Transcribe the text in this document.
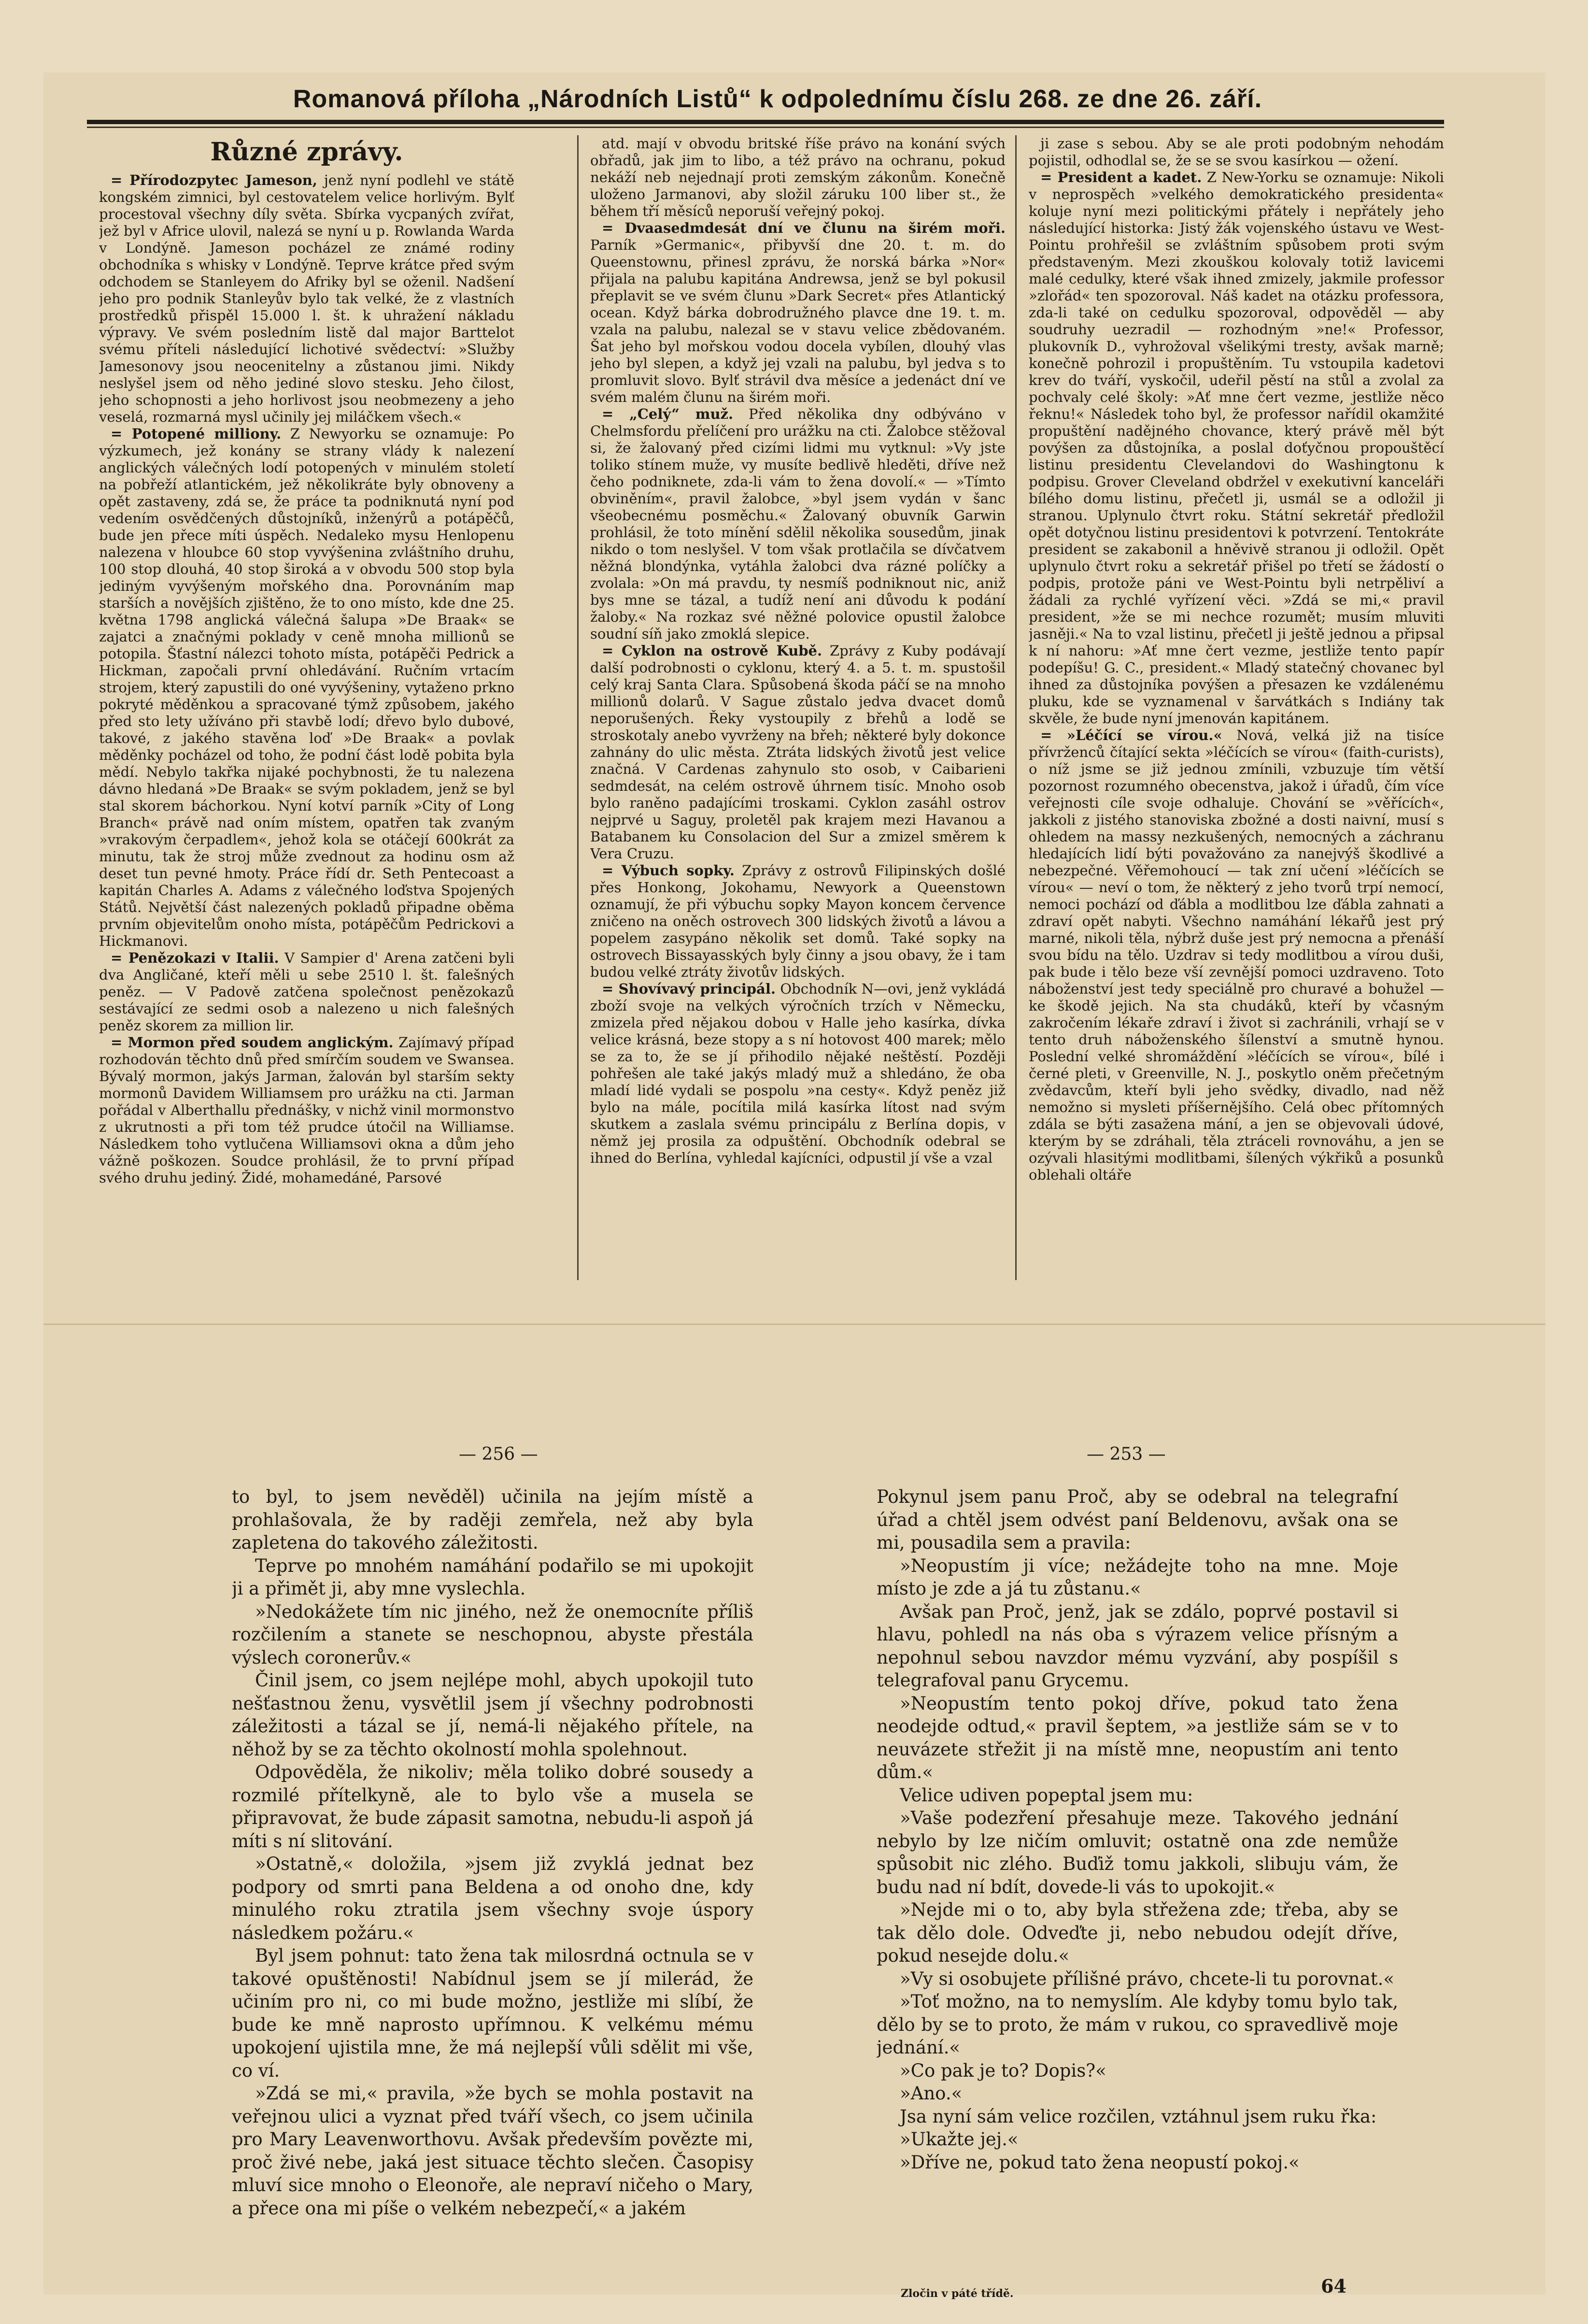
Romanová příloha „Národních Listů“ k odpolednímu číslu 268. ze dne 26. září.
Různé zprávy.

= Přírodozpytec Jameson, jenž nyní podlehl ve státě kongském zimnici, byl cestovatelem velice horlivým. Bylť procestoval všechny díly světa. Sbírka vycpaných zvířat, jež byl v Africe ulovil, nalezá se nyní u p. Rowlanda Warda v Londýně. Jameson pocházel ze známé rodiny obchodníka s whisky v Londýně. Teprve krátce před svým odchodem se Stanleyem do Afriky byl se oženil. Nadšení jeho pro podnik Stanleyův bylo tak velké, že z vlastních prostředků přispěl 15.000 l. št. k uhražení nákladu výpravy. Ve svém posledním listě dal major Barttelot svému příteli následující lichotivé svědectví: »Služby Jamesonovy jsou neocenitelny a zůstanou jimi. Nikdy neslyšel jsem od něho jediné slovo stesku. Jeho čilost, jeho schopnosti a jeho horlivost jsou neobmezeny a jeho veselá, rozmarná mysl učinily jej miláčkem všech.«

= Potopené milliony. Z Newyorku se oznamuje: Po výzkumech, jež konány se strany vlády k nalezení anglických válečných lodí potopených v minulém století na pobřeží atlantickém, jež několikráte byly obnoveny a opět zastaveny, zdá se, že práce ta podniknutá nyní pod vedením osvědčených důstojníků, inženýrů a potápěčů, bude jen přece míti úspěch. Nedaleko mysu Henlopenu nalezena v hloubce 60 stop vyvýšenina zvláštního druhu, 100 stop dlouhá, 40 stop široká a v obvodu 500 stop byla jediným vyvýšeným mořského dna. Porovnáním map starších a novějších zjištěno, že to ono místo, kde dne 25. května 1798 anglická válečná šalupa »De Braak« se zajatci a značnými poklady v ceně mnoha millionů se potopila. Šťastní nálezci tohoto místa, potápěči Pedrick a Hickman, započali první ohledávání. Ručním vrtacím strojem, který zapustili do oné vyvýšeniny, vytaženo prkno pokryté měděnkou a spracované týmž způsobem, jakého před sto lety užíváno při stavbě lodí; dřevo bylo dubové, takové, z jakého stavěna loď »De Braak« a povlak měděnky pocházel od toho, že podní část lodě pobita byla mědí. Nebylo takřka nijaké pochybnosti, že tu nalezena dávno hledaná »De Braak« se svým pokladem, jenž se byl stal skorem báchorkou. Nyní kotví parník »City of Long Branch« právě nad oním místem, opatřen tak zvaným »vrakovým čerpadlem«, jehož kola se otáčejí 600krát za minutu, tak že stroj může zvednout za hodinu osm až deset tun pevné hmoty. Práce řídí dr. Seth Pentecoast a kapitán Charles A. Adams z válečného loďstva Spojených Států. Největší část nalezených pokladů připadne oběma prvním objevitelům onoho místa, potápěčům Pedrickovi a Hickmanovi.

= Penězokazi v Italii. V Sampier d' Arena zatčeni byli dva Angličané, kteří měli u sebe 2510 l. št. falešných peněz. — V Padově zatčena společnost penězokazů sestávající ze sedmi osob a nalezeno u nich falešných peněz skorem za million lir.

= Mormon před soudem anglickým. Zajímavý případ rozhodován těchto dnů před smírčím soudem ve Swansea. Bývalý mormon, jakýs Jarman, žalován byl starším sekty mormonů Davidem Williamsem pro urážku na cti. Jarman pořádal v Alberthallu přednášky, v nichž vinil mormonstvo z ukrutnosti a při tom též prudce útočil na Williamse. Následkem toho vytlučena Williamsovi okna a dům jeho vážně poškozen. Soudce prohlásil, že to první případ svého druhu jediný. Židé, mohamedáné, Parsové

atd. mají v obvodu britské říše právo na konání svých obřadů, jak jim to libo, a též právo na ochranu, pokud nekáží neb nejednají proti zemským zákonům. Konečně uloženo Jarmanovi, aby složil záruku 100 liber st., že během tří měsíců neporuší veřejný pokoj.

= Dvaasedmdesát dní ve člunu na širém moři. Parník »Germanic«, přibyvší dne 20. t. m. do Queenstownu, přinesl zprávu, že norská bárka »Nor« přijala na palubu kapitána Andrewsa, jenž se byl pokusil přeplavit se ve svém člunu »Dark Secret« přes Atlantický ocean. Když bárka dobrodružného plavce dne 19. t. m. vzala na palubu, nalezal se v stavu velice zbědovaném. Šat jeho byl mořskou vodou docela vybílen, dlouhý vlas jeho byl slepen, a když jej vzali na palubu, byl jedva s to promluvit slovo. Bylť strávil dva měsíce a jedenáct dní ve svém malém člunu na širém moři.

= „Celý“ muž. Před několika dny odbýváno v Chelmsfordu přelíčení pro urážku na cti. Žalobce stěžoval si, že žalovaný před cizími lidmi mu vytknul: »Vy jste toliko stínem muže, vy musíte bedlivě hleděti, dříve než čeho podniknete, zda-li vám to žena dovolí.« — »Tímto obviněním«, pravil žalobce, »byl jsem vydán v šanc všeobecnému posměchu.« Žalovaný obuvník Garwin prohlásil, že toto mínění sdělil několika sousedům, jinak nikdo o tom neslyšel. V tom však protlačila se dívčatvem něžná blondýnka, vytáhla žalobci dva rázné políčky a zvolala: »On má pravdu, ty nesmíš podniknout nic, aniž bys mne se tázal, a tudíž není ani důvodu k podání žaloby.« Na rozkaz své něžné polovice opustil žalobce soudní síň jako zmoklá slepice.

= Cyklon na ostrově Kubě. Zprávy z Kuby podávají další podrobnosti o cyklonu, který 4. a 5. t. m. spustošil celý kraj Santa Clara. Spůsobená škoda páčí se na mnoho millionů dolarů. V Sague zůstalo jedva dvacet domů neporušených. Řeky vystoupily z břehů a lodě se stroskotaly anebo vyvrženy na břeh; některé byly dokonce zahnány do ulic města. Ztráta lidských životů jest velice značná. V Cardenas zahynulo sto osob, v Caibarieni sedmdesát, na celém ostrově úhrnem tisíc. Mnoho osob bylo raněno padajícími troskami. Cyklon zasáhl ostrov nejprvé u Saguy, proletěl pak krajem mezi Havanou a Batabanem ku Consolacion del Sur a zmizel směrem k Vera Cruzu.

= Výbuch sopky. Zprávy z ostrovů Filipinských došlé přes Honkong, Jokohamu, Newyork a Queenstown oznamují, že při výbuchu sopky Mayon koncem července zničeno na oněch ostrovech 300 lidských životů a lávou a popelem zasypáno několik set domů. Také sopky na ostrovech Bissayasských byly činny a jsou obavy, že i tam budou velké ztráty životův lidských.

= Shovívavý principál. Obchodník N—ovi, jenž vykládá zboží svoje na velkých výročních trzích v Německu, zmizela před nějakou dobou v Halle jeho kasírka, dívka velice krásná, beze stopy a s ní hotovost 400 marek; mělo se za to, že se jí přihodilo nějaké neštěstí. Později pohřešen ale také jakýs mladý muž a shledáno, že oba mladí lidé vydali se pospolu »na cesty«. Když peněz již bylo na mále, pocítila milá kasírka lítost nad svým skutkem a zaslala svému principálu z Berlína dopis, v němž jej prosila za odpuštění. Obchodník odebral se ihned do Berlína, vyhledal kajícníci, odpustil jí vše a vzal

ji zase s sebou. Aby se ale proti podobným nehodám pojistil, odhodlal se, že se se svou kasírkou — ožení.

= President a kadet. Z New-Yorku se oznamuje: Nikoli v neprospěch »velkého demokratického presidenta« koluje nyní mezi politickými přátely i nepřátely jeho následující historka: Jistý žák vojenského ústavu ve West-Pointu prohřešil se zvláštním spůsobem proti svým představeným. Mezi zkouškou kolovaly totiž lavicemi malé cedulky, které však ihned zmizely, jakmile professor »zlořád« ten spozoroval. Náš kadet na otázku professora, zda-li také on cedulku spozoroval, odpověděl — aby soudruhy uezradil — rozhodným »ne!« Professor, plukovník D., vyhrožoval všelikými tresty, avšak marně; konečně pohrozil i propuštěním. Tu vstoupila kadetovi krev do tváří, vyskočil, udeřil pěstí na stůl a zvolal za pochvaly celé školy: »Ať mne čert vezme, jestliže něco řeknu!« Následek toho byl, že professor nařídil okamžité propuštění nadějného chovance, který právě měl být povýšen za důstojníka, a poslal doťyčnou propouštěcí listinu presidentu Clevelandovi do Washingtonu k podpisu. Grover Cleveland obdržel v exekutivní kanceláři bílého domu listinu, přečetl ji, usmál se a odložil ji stranou. Uplynulo čtvrt roku. Státní sekretář předložil opět dotyčnou listinu presidentovi k potvrzení. Tentokráte president se zakabonil a hněvivě stranou ji odložil. Opět uplynulo čtvrt roku a sekretář přišel po třetí se žádostí o podpis, protože páni ve West-Pointu byli netrpěliví a žádali za rychlé vyřízení věci. »Zdá se mi,« pravil president, »že se mi nechce rozumět; musím mluviti jasněji.« Na to vzal listinu, přečetl ji ještě jednou a připsal k ní nahoru: »Ať mne čert vezme, jestliže tento papír podepíšu! G. C., president.« Mladý statečný chovanec byl ihned za důstojníka povýšen a přesazen ke vzdálenému pluku, kde se vyznamenal v šarvátkách s Indiány tak skvěle, že bude nyní jmenován kapitánem.

= »Léčící se vírou.« Nová, velká již na tisíce přívrženců čítající sekta »léčících se vírou« (faith-curists), o níž jsme se již jednou zmínili, vzbuzuje tím větší pozornost rozumného obecenstva, jakož i úřadů, čím více veřejnosti cíle svoje odhaluje. Chování se »věřících«, jakkoli z jistého stanoviska zbožné a dosti naivní, musí s ohledem na massy nezkušených, nemocných a záchranu hledajících lidí býti považováno za nanejvýš škodlivé a nebezpečné. Věřemohoucí — tak zní učení »léčících se vírou« — neví o tom, že některý z jeho tvorů trpí nemocí, nemoci pochází od ďábla a modlitbou lze ďábla zahnati a zdraví opět nabyti. Všechno namáhání lékařů jest prý marné, nikoli těla, nýbrž duše jest prý nemocna a přenáší svou bídu na tělo. Uzdrav si tedy modlitbou a vírou duši, pak bude i tělo beze vší zevnější pomoci uzdraveno. Toto náboženství jest tedy speciálně pro churavé a bohužel — ke škodě jejich. Na sta chudáků, kteří by včasným zakročením lékaře zdraví i život si zachránili, vrhají se v tento druh náboženského šílenství a smutně hynou. Poslední velké shromáždění »léčících se vírou«, bílé i černé pleti, v Greenville, N. J., poskytlo oněm přečetným zvědavcům, kteří byli jeho svědky, divadlo, nad něž nemožno si mysleti příšernějšího. Celá obec přítomných zdála se býti zasažena mání, a jen se objevovali údové, kterým by se zdráhali, těla ztráceli rovnováhu, a jen se ozývali hlasitými modlitbami, šílených výkřiků a posunků oblehali oltáře

— 256 —	— 253 —

to byl, to jsem nevěděl) učinila na jejím místě a prohlašovala, že by raději zemřela, než aby byla zapletena do takového záležitosti.

Teprve po mnohém namáhání podařilo se mi upokojit ji a přimět ji, aby mne vyslechla.

»Nedokážete tím nic jiného, než že onemocníte příliš rozčilením a stanete se neschopnou, abyste přestála výslech coronerův.«

Činil jsem, co jsem nejlépe mohl, abych upokojil tuto nešťastnou ženu, vysvětlil jsem jí všechny podrobnosti záležitosti a tázal se jí, nemá-li nějakého přítele, na něhož by se za těchto okolností mohla spolehnout.

Odpověděla, že nikoliv; měla toliko dobré sousedy a rozmilé přítelkyně, ale to bylo vše a musela se připravovat, že bude zápasit samotna, nebudu-li aspoň já míti s ní slitování.

»Ostatně,« doložila, »jsem již zvyklá jednat bez podpory od smrti pana Beldena a od onoho dne, kdy minulého roku ztratila jsem všechny svoje úspory následkem požáru.«

Byl jsem pohnut: tato žena tak milosrdná octnula se v takové opuštěnosti! Nabídnul jsem se jí milerád, že učiním pro ni, co mi bude možno, jestliže mi slíbí, že bude ke mně naprosto upřímnou. K velkému mému upokojení ujistila mne, že má nejlepší vůli sdělit mi vše, co ví.

»Zdá se mi,« pravila, »že bych se mohla postavit na veřejnou ulici a vyznat před tváří všech, co jsem učinila pro Mary Leavenworthovu. Avšak především povězte mi, proč živé nebe, jaká jest situace těchto slečen. Časopisy mluví sice mnoho o Eleonoře, ale nepraví ničeho o Mary, a přece ona mi píše o velkém nebezpečí,« a jakém

Pokynul jsem panu Proč, aby se odebral na telegrafní úřad a chtěl jsem odvést paní Beldenovu, avšak ona se mi, pousadila sem a pravila:

»Neopustím ji více; nežádejte toho na mne. Moje místo je zde a já tu zůstanu.«

Avšak pan Proč, jenž, jak se zdálo, poprvé postavil si hlavu, pohledl na nás oba s výrazem velice přísným a nepohnul sebou navzdor mému vyzvání, aby pospíšil s telegrafoval panu Grycemu.

»Neopustím tento pokoj dříve, pokud tato žena neodejde odtud,« pravil šeptem, »a jestliže sám se v to neuvázete střežit ji na místě mne, neopustím ani tento dům.«

Velice udiven popeptal jsem mu:

»Vaše podezření přesahuje meze. Takového jednání nebylo by lze ničím omluvit; ostatně ona zde nemůže spůsobit nic zlého. Buďiž tomu jakkoli, slibuju vám, že budu nad ní bdít, dovede-li vás to upokojit.«

»Nejde mi o to, aby byla střežena zde; třeba, aby se tak dělo dole. Odveďte ji, nebo nebudou odejít dříve, pokud nesejde dolu.«

»Vy si osobujete přílišné právo, chcete-li tu porovnat.«

»Toť možno, na to nemyslím. Ale kdyby tomu bylo tak, dělo by se to proto, že mám v rukou, co spravedlivě moje jednání.«

»Co pak je to? Dopis?«

»Ano.«

Jsa nyní sám velice rozčilen, vztáhnul jsem ruku řka:

»Ukažte jej.«

»Dříve ne, pokud tato žena neopustí pokoj.«

Zločin v páté třídě.	64
